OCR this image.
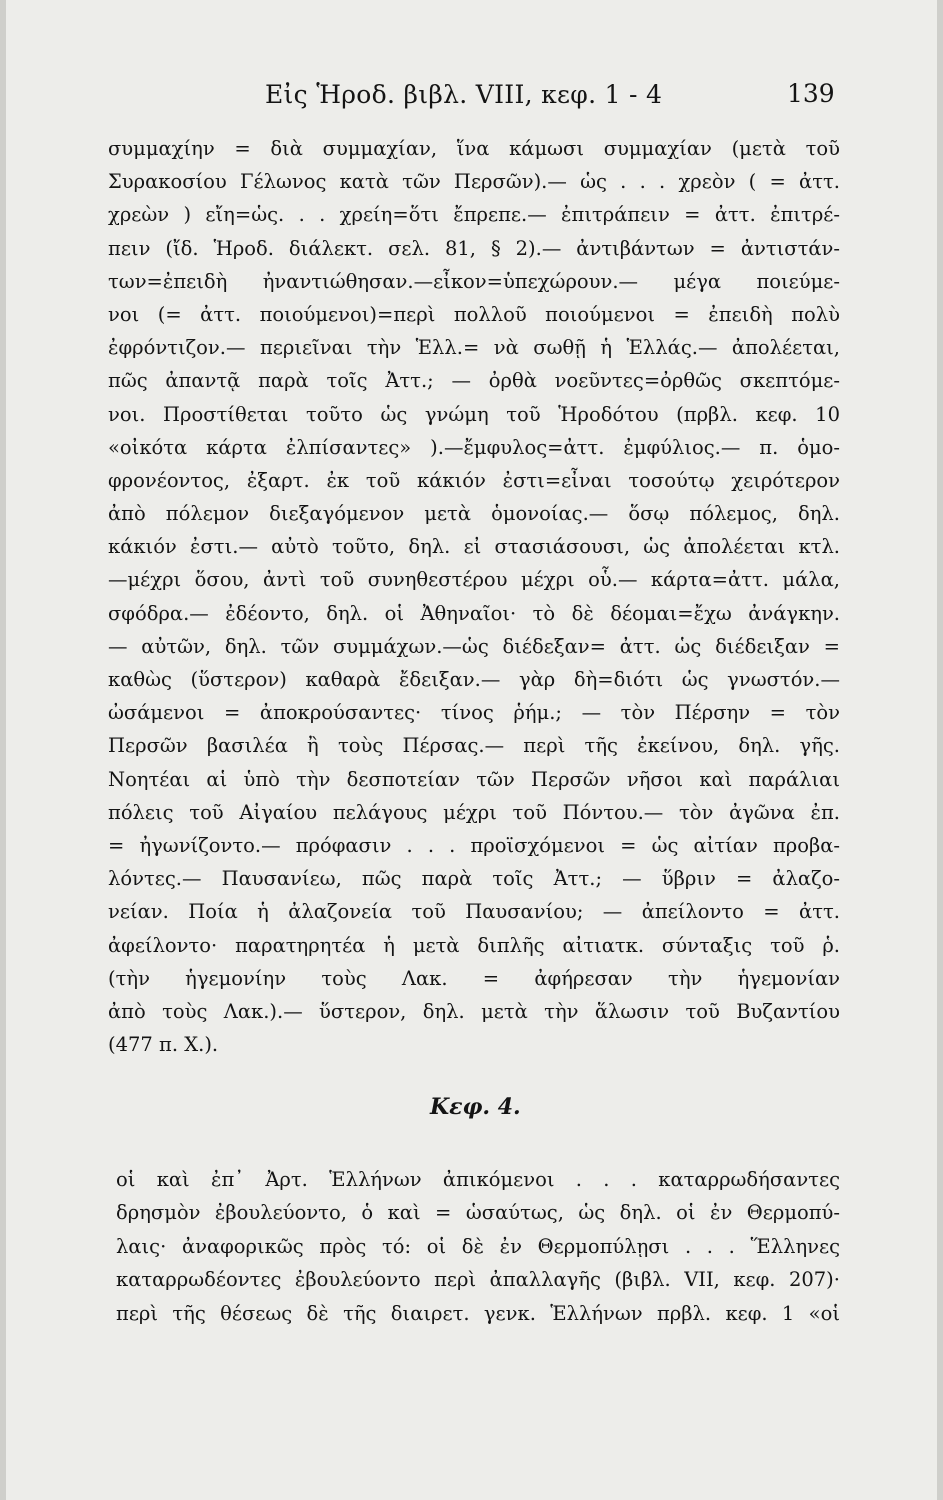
Εἰς Ἡροδ. βιβλ. VIII, κεφ. 1 - 4	139
συμμαχίην = διὰ συμμαχίαν, ἵνα κάμωσι συμμαχίαν (μετὰ τοῦ
Συρακοσίου Γέλωνος κατὰ τῶν Περσῶν).— ὡς . . . χρεὸν ( = ἀττ.
χρεὼν ) εἴη=ὡς. . . χρείη=ὅτι ἔπρεπε.— ἐπιτράπειν = ἀττ. ἐπιτρέ-
πειν (ἴδ. Ἡροδ. διάλεκτ. σελ. 81, § 2).— ἀντιβάντων = ἀντιστάν-
των=ἐπειδὴ ἠναντιώθησαν.—εἶκον=ὑπεχώρουν.— μέγα ποιεύμε-
νοι (= ἀττ. ποιούμενοι)=περὶ πολλοῦ ποιούμενοι = ἐπειδὴ πολὺ
ἐφρόντιζον.— περιεῖναι τὴν Ἑλλ.= νὰ σωθῇ ἡ Ἑλλάς.— ἀπολέεται,
πῶς ἀπαντᾷ παρὰ τοῖς Ἀττ.; — ὀρθὰ νοεῦντες=ὀρθῶς σκεπτόμε-
νοι. Προστίθεται τοῦτο ὡς γνώμη τοῦ Ἡροδότου (πρβλ. κεφ. 10
«οἰκότα κάρτα ἐλπίσαντες» ).—ἔμφυλος=ἀττ. ἐμφύλιος.— π. ὁμο-
φρονέοντος, ἐξαρτ. ἐκ τοῦ κάκιόν ἐστι=εἶναι τοσούτῳ χειρότερον
ἀπὸ πόλεμον διεξαγόμενον μετὰ ὁμονοίας.— ὅσῳ πόλεμος, δηλ.
κάκιόν ἐστι.— αὐτὸ τοῦτο, δηλ. εἰ στασιάσουσι, ὡς ἀπολέεται κτλ.
—μέχρι ὅσου, ἀντὶ τοῦ συνηθεστέρου μέχρι οὗ.— κάρτα=ἀττ. μάλα,
σφόδρα.— ἐδέοντο, δηλ. οἱ Ἀθηναῖοι· τὸ δὲ δέομαι=ἔχω ἀνάγκην.
— αὐτῶν, δηλ. τῶν συμμάχων.—ὡς διέδεξαν= ἀττ. ὡς διέδειξαν =
καθὼς (ὕστερον) καθαρὰ ἔδειξαν.— γὰρ δὴ=διότι ὡς γνωστόν.—
ὠσάμενοι = ἀποκρούσαντες· τίνος ῥήμ.; — τὸν Πέρσην = τὸν
Περσῶν βασιλέα ἢ τοὺς Πέρσας.— περὶ τῆς ἐκείνου, δηλ. γῆς.
Νοητέαι αἱ ὑπὸ τὴν δεσποτείαν τῶν Περσῶν νῆσοι καὶ παράλιαι
πόλεις τοῦ Αἰγαίου πελάγους μέχρι τοῦ Πόντου.— τὸν ἀγῶνα ἐπ.
= ἠγωνίζοντο.— πρόφασιν . . . προϊσχόμενοι = ὡς αἰτίαν προβα-
λόντες.— Παυσανίεω, πῶς παρὰ τοῖς Ἀττ.; — ὕβριν = ἀλαζο-
νείαν. Ποία ἡ ἀλαζονεία τοῦ Παυσανίου; — ἀπείλοντο = ἀττ.
ἀφείλοντο· παρατηρητέα ἡ μετὰ διπλῆς αἰτιατκ. σύνταξις τοῦ ῥ.
(τὴν ἡγεμονίην τοὺς Λακ. = ἀφήρεσαν τὴν ἡγεμονίαν
ἀπὸ τοὺς Λακ.).— ὕστερον, δηλ. μετὰ τὴν ἅλωσιν τοῦ Βυζαντίου
(477 π. Χ.).
Κεφ. 4.
οἱ καὶ ἐπ᾽ Ἀρτ. Ἑλλήνων ἀπικόμενοι . . . καταρρωδήσαντες
δρησμὸν ἐβουλεύοντο, ὁ καὶ = ὡσαύτως, ὡς δηλ. οἱ ἐν Θερμοπύ-
λαις· ἀναφορικῶς πρὸς τό: οἱ δὲ ἐν Θερμοπύλῃσι . . . Ἕλληνες
καταρρωδέοντες ἐβουλεύοντο περὶ ἀπαλλαγῆς (βιβλ. VII, κεφ. 207)·
περὶ τῆς θέσεως δὲ τῆς διαιρετ. γενκ. Ἑλλήνων πρβλ. κεφ. 1 «οἱ
